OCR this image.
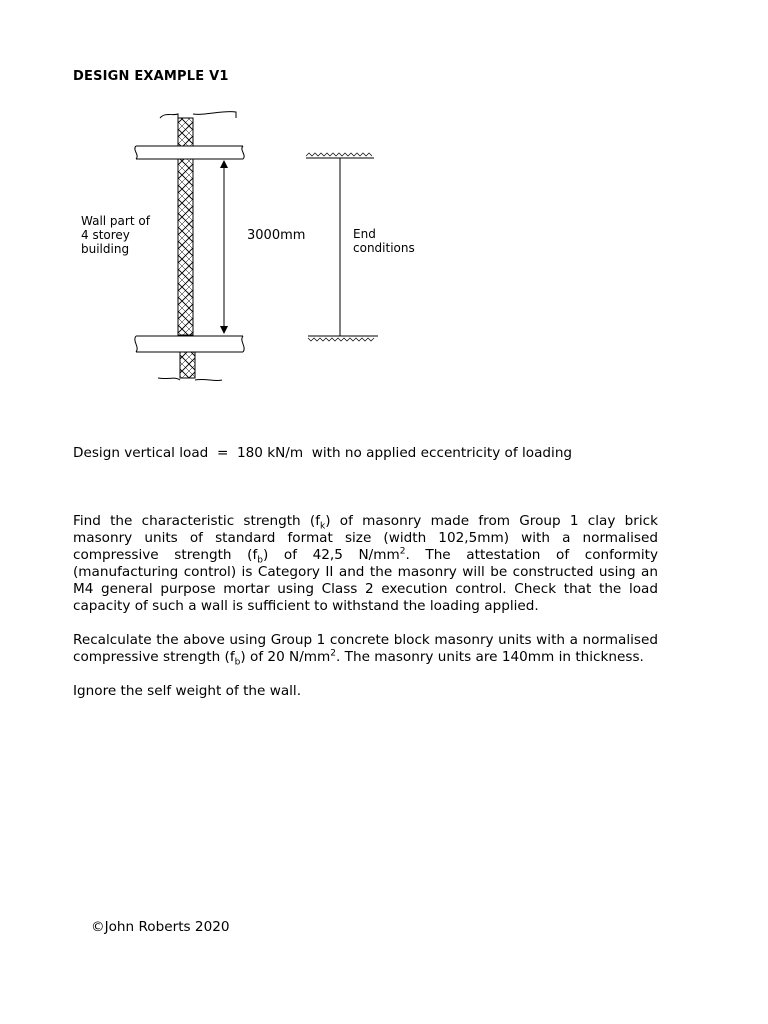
DESIGN EXAMPLE V1
Wall part of
4 storey
building
End
conditions
3000mm
Design vertical load  =  180 kN/m  with no applied eccentricity of loading
Find the characteristic strength $(f_k)$ of masonry made from Group 1 clay brick masonry units of standard format size (width 102,5mm) with a normalised compressive strength $(f_b)$ of 42,5 $N/mm^2$. The attestation of conformity (manufacturing control) is Category II and the masonry will be constructed using an M4 general purpose mortar using Class 2 execution control. Check that the load capacity of such a wall is sufficient to withstand the loading applied.
Recalculate the above using Group 1 concrete block masonry units with a normalised compressive strength $(f_b)$ of 20 $N/mm^2$. The masonry units are 140mm in thickness.
Ignore the self weight of the wall.
©John Roberts 2020
